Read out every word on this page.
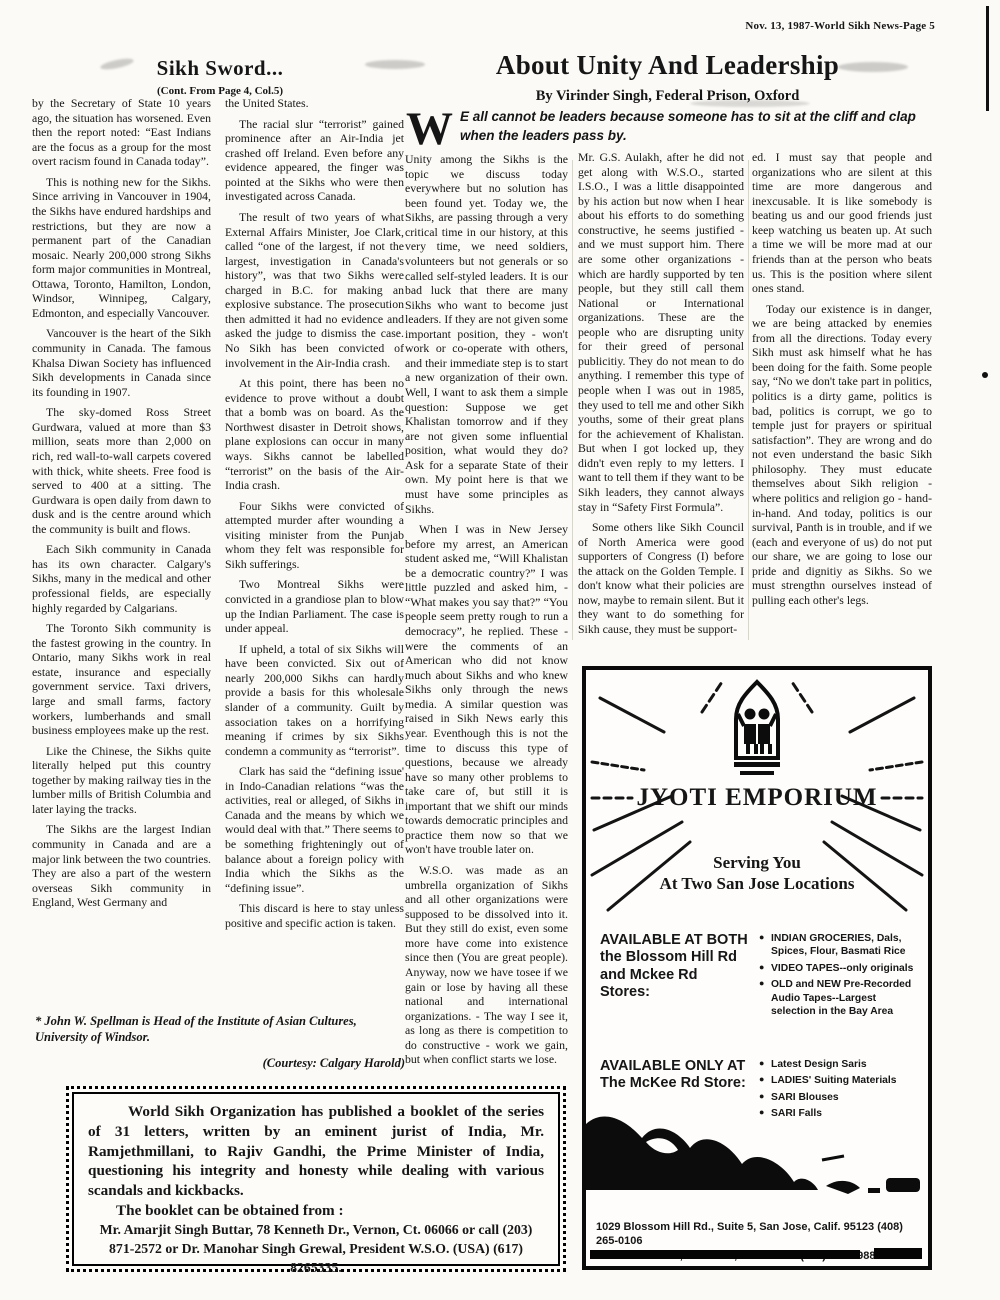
Nov. 13, 1987-World Sikh News-Page 5
Sikh Sword...
(Cont. From Page 4, Col.5)

by the Secretary of State 10 years ago, the situation has worsened. Even then the report noted: “East Indians are the focus as a group for the most overt racism found in Canada today”.

This is nothing new for the Sikhs. Since arriving in Vancouver in 1904, the Sikhs have endured hardships and restrictions, but they are now a permanent part of the Canadian mosaic. Nearly 200,000 strong Sikhs form major communities in Montreal, Ottawa, Toronto, Hamilton, London, Windsor, Winnipeg, Calgary, Edmonton, and especially Vancouver.

Vancouver is the heart of the Sikh community in Canada. The famous Khalsa Diwan Society has influenced Sikh developments in Canada since its founding in 1907.

The sky-domed Ross Street Gurdwara, valued at more than $3 million, seats more than 2,000 on rich, red wall-to-wall carpets covered with thick, white sheets. Free food is served to 400 at a sitting. The Gurdwara is open daily from dawn to dusk and is the centre around which the community is built and flows.

Each Sikh community in Canada has its own character. Calgary's Sikhs, many in the medical and other professional fields, are especially highly regarded by Calgarians.

The Toronto Sikh community is the fastest growing in the country. In Ontario, many Sikhs work in real estate, insurance and especially government service. Taxi drivers, large and small farms, factory workers, lumberhands and small business employees make up the rest.

Like the Chinese, the Sikhs quite literally helped put this country together by making railway ties in the lumber mills of British Columbia and later laying the tracks.

The Sikhs are the largest Indian community in Canada and are a major link between the two countries. They are also a part of the western overseas Sikh community in England, West Germany and

the United States.

The racial slur “terrorist” gained prominence after an Air-India jet crashed off Ireland. Even before any evidence appeared, the finger was pointed at the Sikhs who were then investigated across Canada.

The result of two years of what External Affairs Minister, Joe Clark, called “one of the largest, if not the largest, investigation in Canada's history”, was that two Sikhs were charged in B.C. for making an explosive substance. The prosecution then admitted it had no evidence and asked the judge to dismiss the case. No Sikh has been convicted of involvement in the Air-India crash.

At this point, there has been no evidence to prove without a doubt that a bomb was on board. As the Northwest disaster in Detroit shows, plane explosions can occur in many ways. Sikhs cannot be labelled “terrorist” on the basis of the Air-India crash.

Four Sikhs were convicted of attempted murder after wounding a visiting minister from the Punjab whom they felt was responsible for Sikh sufferings.

Two Montreal Sikhs were convicted in a grandiose plan to blow up the Indian Parliament. The case is under appeal.

If upheld, a total of six Sikhs will have been convicted. Six out of nearly 200,000 Sikhs can hardly provide a basis for this wholesale slander of a community. Guilt by association takes on a horrifying meaning if crimes by six Sikhs condemn a community as “terrorist”.

Clark has said the “defining issue' in Indo-Canadian relations “was the activities, real or alleged, of Sikhs in Canada and the means by which we would deal with that.” There seems to be something frighteningly out of balance about a foreign policy with India which the Sikhs as the “defining issue”.

This discard is here to stay unless positive and specific action is taken.

* John W. Spellman is Head of the Institute of Asian Cultures, University of Windsor.
(Courtesy: Calgary Harold)
About Unity And Leadership
By Virinder Singh, Federal Prison, Oxford
W E all cannot be leaders because someone has to sit at the cliff and clap when the leaders pass by.

Unity among the Sikhs is the topic we discuss today everywhere but no solution has been found yet. Today we, the Sikhs, are passing through a very critical time in our history, at this very time, we need soldiers, volunteers but not generals or so called self-styled leaders. It is our bad luck that there are many Sikhs who want to become just leaders. If they are not given some important position, they - won't work or co-operate with others, and their immediate step is to start a new organization of their own. Well, I want to ask them a simple question: Suppose we get Khalistan tomorrow and if they are not given some influential position, what would they do? Ask for a separate State of their own. My point here is that we must have some principles as Sikhs.

When I was in New Jersey before my arrest, an American student asked me, “Will Khalistan be a democratic country?” I was little puzzled and asked him, - “What makes you say that?” “You people seem pretty rough to run a democracy”, he replied. These - were the comments of an American who did not know much about Sikhs and who knew Sikhs only through the news media. A similar question was raised in Sikh News early this year. Eventhough this is not the time to discuss this type of questions, because we already have so many other problems to take care of, but still it is important that we shift our minds towards democratic principles and practice them now so that we won't have trouble later on.

W.S.O. was made as an umbrella organization of Sikhs and all other organizations were supposed to be dissolved into it. But they still do exist, even some more have come into existence since then (You are great people). Anyway, now we have tosee if we gain or lose by having all these national and international organizations. - The way I see it, as long as there is competition to do constructive - work we gain, but when conflict starts we lose.

Mr. G.S. Aulakh, after he did not get along with W.S.O., started I.S.O., I was a little disappointed by his action but now when I hear about his efforts to do something constructive, he seems justified - and we must support him. There are some other organizations - which are hardly supported by ten people, but they still call them National or International organizations. These are the people who are disrupting unity for their greed of personal publicitiy. They do not mean to do anything. I remember this type of people when I was out in 1985, they used to tell me and other Sikh youths, some of their great plans for the achievement of Khalistan. But when I got locked up, they didn't even reply to my letters. I want to tell them if they want to be Sikh leaders, they cannot always stay in “Safety First Formula”.

Some others like Sikh Council of North America were good supporters of Congress (I) before the attack on the Golden Temple. I don't know what their policies are now, maybe to remain silent. But it they want to do something for Sikh cause, they must be support-

ed. I must say that people and organizations who are silent at this time are more dangerous and inexcusable. It is like somebody is beating us and our good friends just keep watching us beaten up. At such a time we will be more mad at our friends than at the person who beats us. This is the position where silent ones stand.

Today our existence is in danger, we are being attacked by enemies from all the directions. Today every Sikh must ask himself what he has been doing for the faith. Some people say, “No we don't take part in politics, politics is a dirty game, politics is bad, politics is corrupt, we go to temple just for prayers or spiritual satisfaction”. They are wrong and do not even understand the basic Sikh philosophy. They must educate themselves about Sikh religion - where politics and religion go - hand-in-hand. And today, politics is our survival, Panth is in trouble, and if we (each and everyone of us) do not put our share, we are going to lose our pride and dignitiy as Sikhs. So we must strengthn ourselves instead of pulling each other's legs.

JYOTI EMPORIUM
Serving You
At Two San Jose Locations
AVAILABLE AT BOTH
the Blossom Hill Rd
and Mckee Rd Stores:
● INDIAN GROCERIES, Dals, Spices, Flour, Basmati Rice
● VIDEO TAPES--only originals
● OLD and NEW Pre-Recorded Audio Tapes--Largest selection in the Bay Area
AVAILABLE ONLY AT
The McKee Rd Store:
● Latest Design Saris
● LADIES' Suiting Materials
● SARI Blouses
● SARI Falls
1029 Blossom Hill Rd., Suite 5, San Jose, Calif. 95123 (408) 265-0106

World Sikh Organization has published a booklet of the series of 31 letters, written by an eminent jurist of India, Mr. Ramjethmillani, to Rajiv Gandhi, the Prime Minister of India, questioning his integrity and honesty while dealing with various scandals and kickbacks.

The booklet can be obtained from :

Mr. Amarjit Singh Buttar, 78 Kenneth Dr., Vernon, Ct. 06066 or call (203) 871-2572 or Dr. Manohar Singh Grewal, President W.S.O. (USA) (617) 8265335.
